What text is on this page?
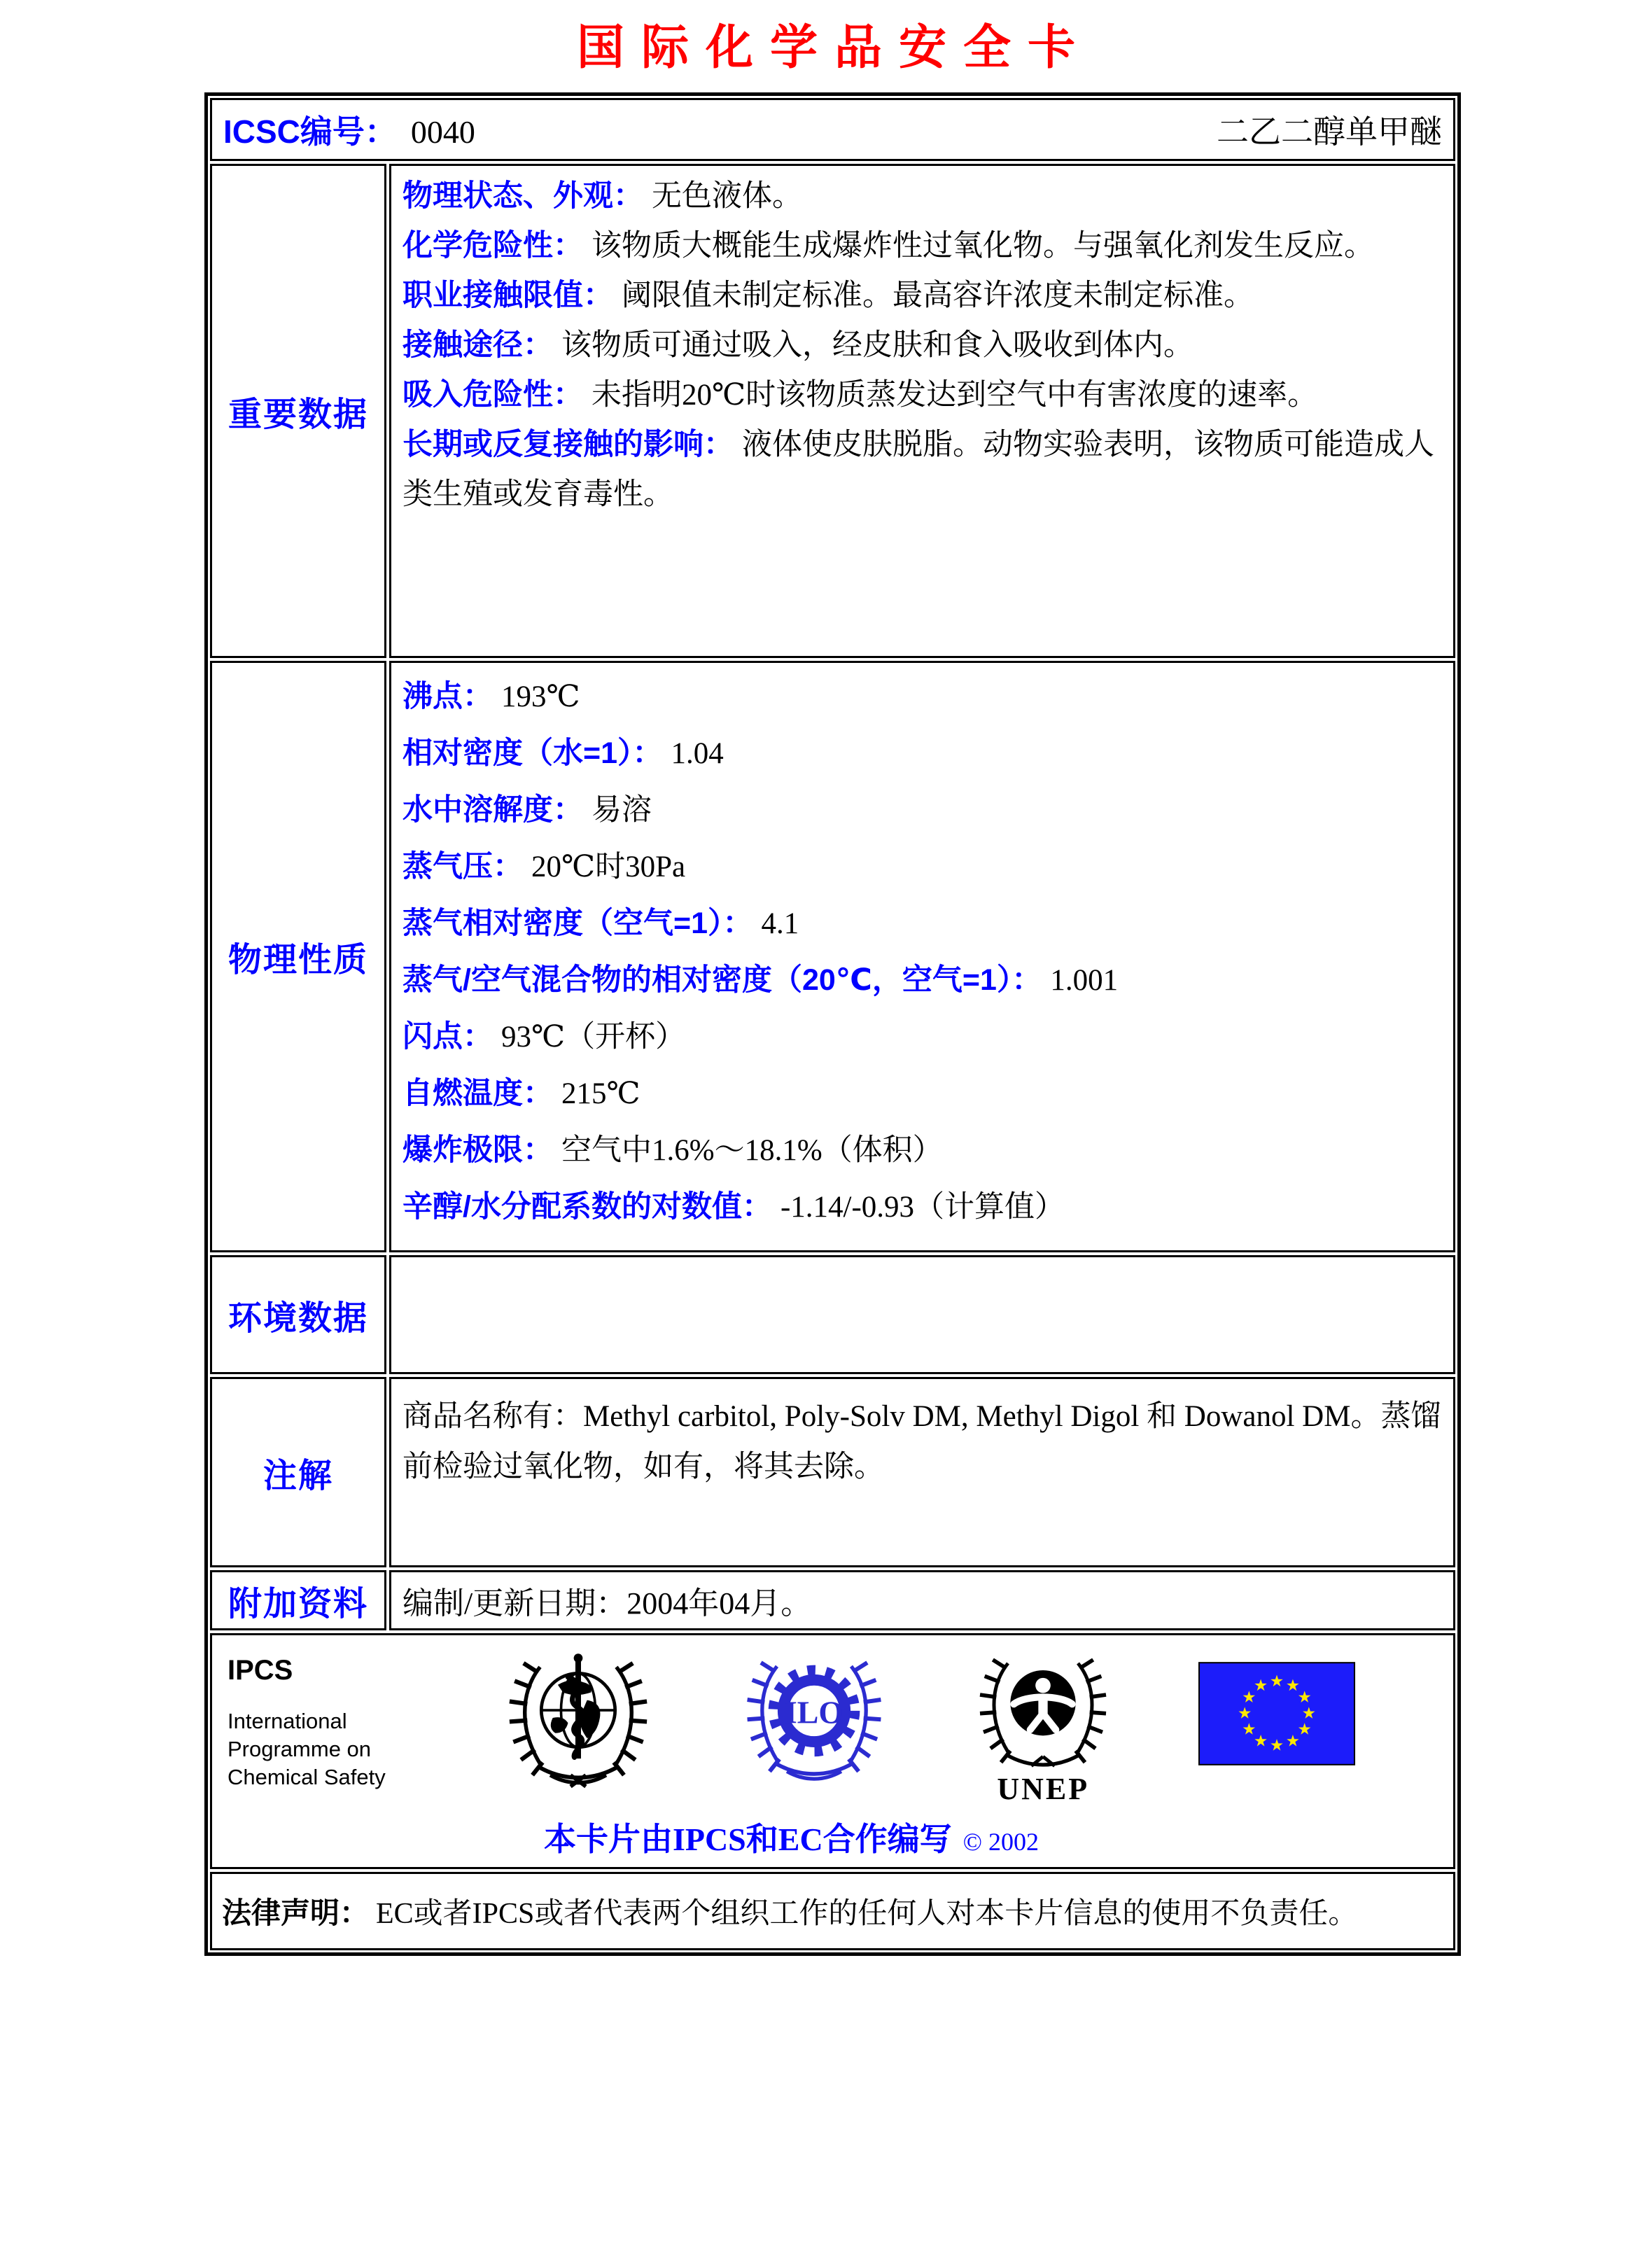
国际化学品安全卡
ICSC编号： 0040	二乙二醇单甲醚
重要数据
物理状态、外观： 无色液体。
化学危险性： 该物质大概能生成爆炸性过氧化物。与强氧化剂发生反应。
职业接触限值： 阈限值未制定标准。最高容许浓度未制定标准。
接触途径： 该物质可通过吸入，经皮肤和食入吸收到体内。
吸入危险性： 未指明20℃时该物质蒸发达到空气中有害浓度的速率。
长期或反复接触的影响： 液体使皮肤脱脂。动物实验表明，该物质可能造成人类生殖或发育毒性。
物理性质
沸点： 193℃
相对密度（水=1）： 1.04
水中溶解度： 易溶
蒸气压： 20℃时30Pa
蒸气相对密度（空气=1）： 4.1
蒸气/空气混合物的相对密度（20℃，空气=1）： 1.001
闪点： 93℃（开杯）
自燃温度： 215℃
爆炸极限： 空气中1.6%～18.1%（体积）
辛醇/水分配系数的对数值： -1.14/-0.93（计算值）
环境数据
注解
商品名称有：Methyl carbitol, Poly-Solv DM, Methyl Digol 和 Dowanol DM。蒸馏前检验过氧化物，如有，将其去除。
附加资料 编制/更新日期：2004年04月。
IPCS
International
Programme on
Chemical Safety
ILO
UNEP
本卡片由IPCS和EC合作编写 © 2002
法律声明： EC或者IPCS或者代表两个组织工作的任何人对本卡片信息的使用不负责任。
